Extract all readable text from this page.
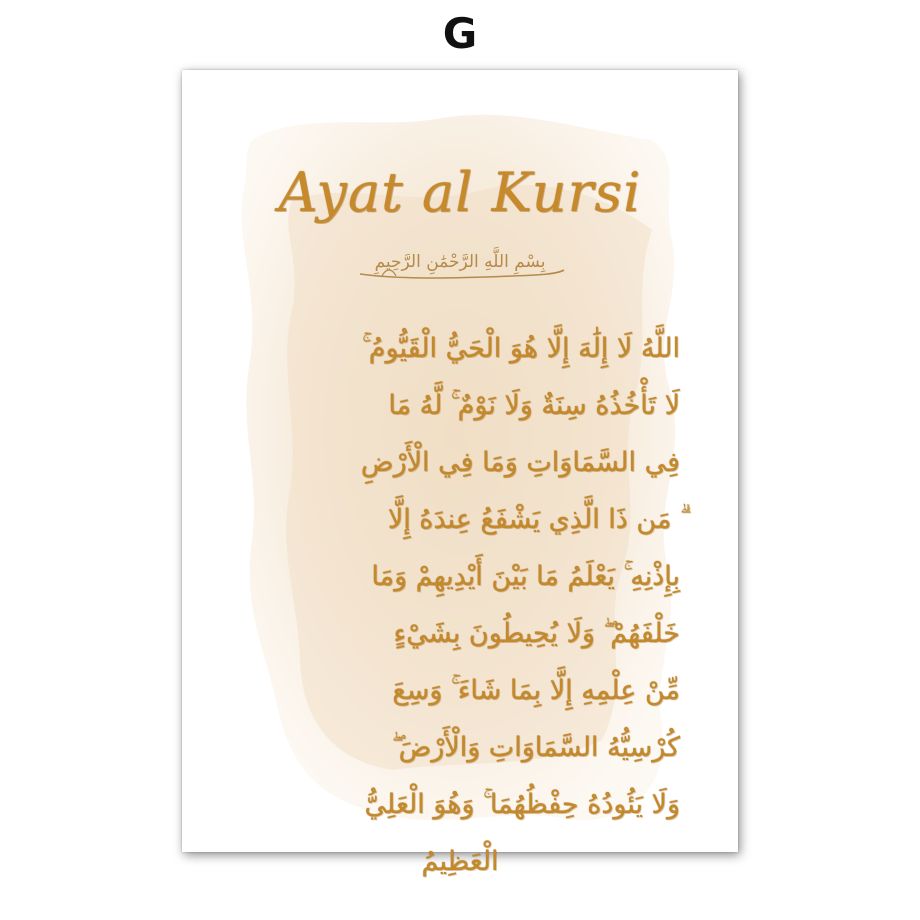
G
Ayat al Kursi
بِسْمِ اللَّهِ الرَّحْمَٰنِ الرَّحِيمِ
اللَّهُ لَا إِلَٰهَ إِلَّا هُوَ الْحَيُّ الْقَيُّومُ ۚ
لَا تَأْخُذُهُ سِنَةٌ وَلَا نَوْمٌ ۚ لَّهُ مَا
فِي السَّمَاوَاتِ وَمَا فِي الْأَرْضِ
ۗ مَن ذَا الَّذِي يَشْفَعُ عِندَهُ إِلَّا
بِإِذْنِهِ ۚ يَعْلَمُ مَا بَيْنَ أَيْدِيهِمْ وَمَا
خَلْفَهُمْ ۖ وَلَا يُحِيطُونَ بِشَيْءٍ
مِّنْ عِلْمِهِ إِلَّا بِمَا شَاءَ ۚ وَسِعَ
كُرْسِيُّهُ السَّمَاوَاتِ وَالْأَرْضَ ۖ
وَلَا يَئُودُهُ حِفْظُهُمَا ۚ وَهُوَ الْعَلِيُّ
الْعَظِيمُ
